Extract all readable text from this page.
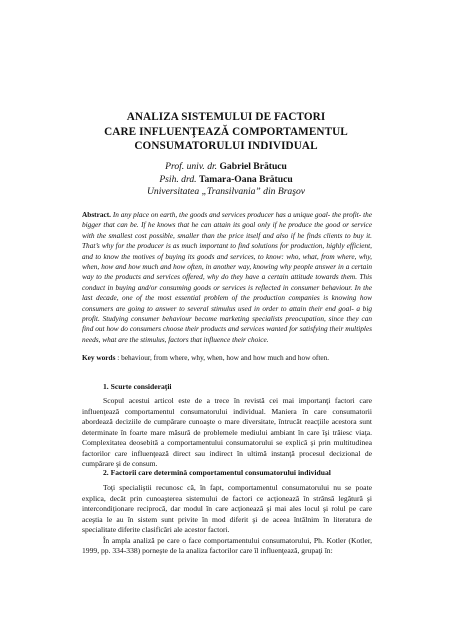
ANALIZA SISTEMULUI DE FACTORI
CARE INFLUENŢEAZĂ COMPORTAMENTUL
CONSUMATORULUI INDIVIDUAL
Prof. univ. dr. Gabriel Brătucu
Psih. drd. Tamara-Oana Brătucu
Universitatea „Transilvania” din Braşov
Abstract. In any place on earth, the goods and services producer has a unique goal- the profit- the bigger that can be. If he knows that he can attain its goal only if he produce the good or service with the smallest cost possible, smaller than the price itself and also if he finds clients to buy it. That’s why for the producer is as much important to find solutions for production, highly efficient, and to know the motives of buying its goods and services, to know: who, what, from where, why, when, how and how much and how often, in another way, knowing why people answer in a certain way to the products and services offered, why do they have a certain attitude towards them. This conduct in buying and/or consuming goods or services is reflected in consumer behaviour. In the last decade, one of the most essential problem of the production companies is knowing how consumers are going to answer to several stimulus used in order to attain their end goal- a big profit. Studying consumer behaviour become marketing specialists preocupation, since they can find out how do consumers choose their products and services wanted for satisfying their multiples needs, what are the stimulus, factors that influence their choice.
Key words : behaviour, from where, why, when, how and how much and how often.
1. Scurte consideraţii
Scopul acestui articol este de a trece în revistă cei mai importanţi factori care influenţează comportamentul consumatorului individual. Maniera în care consumatorii abordează deciziile de cumpărare cunoaşte o mare diversitate, întrucât reacţiile acestora sunt determinate în foarte mare măsură de problemele mediului ambiant în care îşi trăiesc viaţa. Complexitatea deosebită a comportamentului consumatorului se explică şi prin multitudinea factorilor care influenţează direct sau indirect în ultimă instanţă procesul decizional de cumpărare şi de consum.
2. Factorii care determină comportamentul consumatorului individual
Toţi specialiştii recunosc că, în fapt, comportamentul consumatorului nu se poate explica, decât prin cunoaşterea sistemului de factori ce acţionează în strânsă legătură şi intercondiţionare reciprocă, dar modul în care acţionează şi mai ales locul şi rolul pe care aceştia le au în sistem sunt privite în mod diferit şi de aceea întâlnim în literatura de specialitate diferite clasificări ale acestor factori.
În ampla analiză pe care o face comportamentului consumatorului, Ph. Kotler (Kotler, 1999, pp. 334-338) porneşte de la analiza factorilor care îl influenţează, grupaţi în:
